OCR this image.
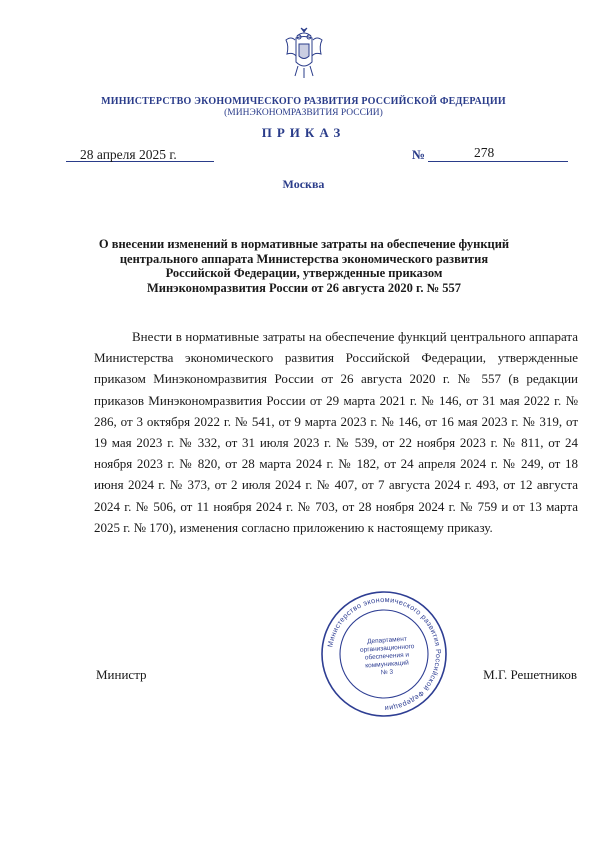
МИНИСТЕРСТВО ЭКОНОМИЧЕСКОГО РАЗВИТИЯ РОССИЙСКОЙ ФЕДЕРАЦИИ
(МИНЭКОНОМРАЗВИТИЯ РОССИИ)
ПРИКАЗ
28 апреля 2025 г.	№	278
Москва
О внесении изменений в нормативные затраты на обеспечение функций
центрального аппарата Министерства экономического развития
Российской Федерации, утвержденные приказом
Минэкономразвития России от 26 августа 2020 г. № 557
Внести в нормативные затраты на обеспечение функций центрального аппарата Министерства экономического развития Российской Федерации, утвержденные приказом Минэкономразвития России от 26 августа 2020 г. № 557 (в редакции приказов Минэкономразвития России от 29 марта 2021 г. № 146, от 31 мая 2022 г. № 286, от 3 октября 2022 г. № 541, от 9 марта 2023 г. № 146, от 16 мая 2023 г. № 319, от 19 мая 2023 г. № 332, от 31 июля 2023 г. № 539, от 22 ноября 2023 г. № 811, от 24 ноября 2023 г. № 820, от 28 марта 2024 г. № 182, от 24 апреля 2024 г. № 249, от 18 июня 2024 г. № 373, от 2 июля 2024 г. № 407, от 7 августа 2024 г. 493, от 12 августа 2024 г. № 506, от 11 ноября 2024 г. № 703, от 28 ноября 2024 г. № 759 и от 13 марта 2025 г. № 170), изменения согласно приложению к настоящему приказу.
Министерство экономического развития Российской Федерации
Департамент
организационного
обеспечения и
коммуникаций
№ 3
Министр	М.Г. Решетников
